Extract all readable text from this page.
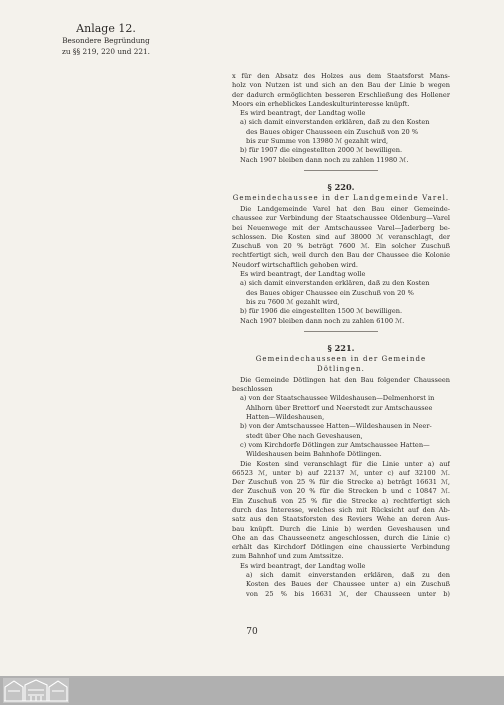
Anlage 12.
Besondere Begründung
zu §§ 219, 220 und 221.
x für den Absatz des Holzes aus dem Staatsforst Mans-
holz von Nutzen ist und sich an den Bau der Linie b wegen
der dadurch ermöglichten besseren Erschließung des Hollener
Moors ein erheblickes Landeskulturinteresse knüpft.
Es wird beantragt, der Landtag wolle
a) sich damit einverstanden erklären, daß zu den Kosten
des Baues obiger Chausseen ein Zuschuß von 20 %
bis zur Summe von 13980 ℳ gezahlt wird,
b) für 1907 die eingestellten 2000 ℳ bewilligen.
Nach 1907 bleiben dann noch zu zahlen 11980 ℳ.
§ 220.
Gemeindechaussee in der Landgemeinde Varel.
Die Landgemeinde Varel hat den Bau einer Gemeinde-
chaussee zur Verbindung der Staatschaussee Oldenburg—Varel
bei Neuenwege mit der Amtschaussee Varel—Jaderberg be-
schlossen. Die Kosten sind auf 38000 ℳ veranschlagt, der
Zuschuß von 20 % beträgt 7600 ℳ. Ein solcher Zuschuß
rechtfertigt sich, weil durch den Bau der Chaussee die Kolonie
Neudorf wirtschaftlich gehoben wird.
Es wird beantragt, der Landtag wolle
a) sich damit einverstanden erklären, daß zu den Kosten
des Baues obiger Chaussee ein Zuschuß von 20 %
bis zu 7600 ℳ gezahlt wird,
b) für 1906 die eingestellten 1500 ℳ bewilligen.
Nach 1907 bleiben dann noch zu zahlen 6100 ℳ.
§ 221.
Gemeindechausseen in der Gemeinde Dötlingen.
Die Gemeinde Dötlingen hat den Bau folgender Chausseen
beschlossen
a) von der Staatschaussee Wildeshausen—Delmenhorst in
Ahlhorn über Brettorf und Neerstedt zur Amtschaussee
Hatten—Wildeshausen,
b) von der Amtschaussee Hatten—Wildeshausen in Neer-
stedt über Ohe nach Geveshausen,
c) vom Kirchdorfe Dötlingen zur Amtschaussee Hatten—
Wildeshausen beim Bahnhofe Dötlingen.
Die Kosten sind veranschlagt für die Linie unter a) auf
66523 ℳ, unter b) auf 22137 ℳ, unter c) auf 32100 ℳ.
Der Zuschuß von 25 % für die Strecke a) beträgt 16631 ℳ,
der Zuschuß von 20 % für die Strecken b und c 10847 ℳ.
Ein Zuschuß von 25 % für die Strecke a) rechtfertigt sich
durch das Interesse, welches sich mit Rücksicht auf den Ab-
satz aus den Staatsforsten des Reviers Wehe an deren Aus-
bau knüpft. Durch die Linie b) werden Geveshausen und
Ohe an das Chausseenetz angeschlossen, durch die Linie c)
erhält das Kirchdorf Dötlingen eine chaussierte Verbindung
zum Bahnhof und zum Amtssitze.
Es wird beantragt, der Landtag wolle
a) sich damit einverstanden erklären, daß zu den
Kosten des Baues der Chaussee unter a) ein Zuschuß
von 25 % bis 16631 ℳ, der Chausseen unter b)
70
